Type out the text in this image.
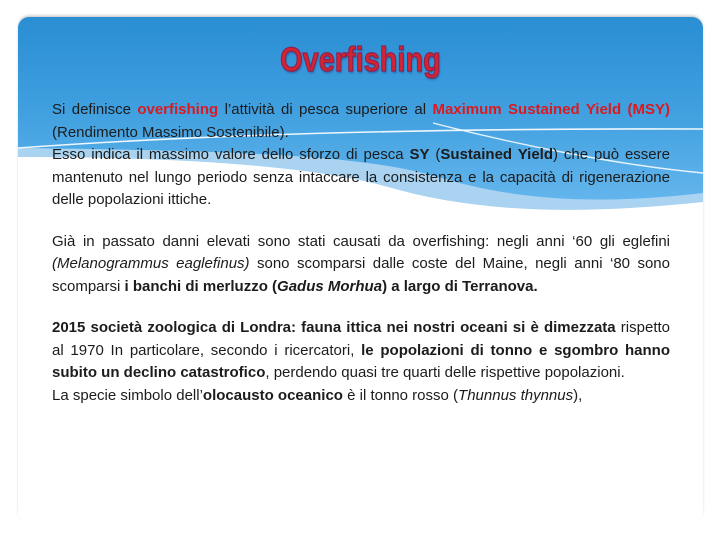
Overfishing

Si definisce overfishing l’attività di pesca superiore al Maximum Sustained Yield (MSY) (Rendimento Massimo Sostenibile).

Esso indica il massimo valore dello sforzo di pesca SY (Sustained Yield) che può essere mantenuto nel lungo periodo senza intaccare la consistenza e la capacità di rigenerazione delle popolazioni ittiche.

Già in passato danni elevati sono stati causati da overfishing: negli anni ‘60 gli eglefini (Melanogrammus eaglefinus) sono scomparsi dalle coste del Maine, negli anni ‘80 sono scomparsi i banchi di merluzzo (Gadus Morhua) a largo di Terranova.

2015 società zoologica di Londra: fauna ittica nei nostri oceani si è dimezzata rispetto al 1970 In particolare, secondo i ricercatori, le popolazioni di tonno e sgombro hanno subito un declino catastrofico, perdendo quasi tre quarti delle rispettive popolazioni.

La specie simbolo dell’olocausto oceanico è il tonno rosso (Thunnus thynnus),
